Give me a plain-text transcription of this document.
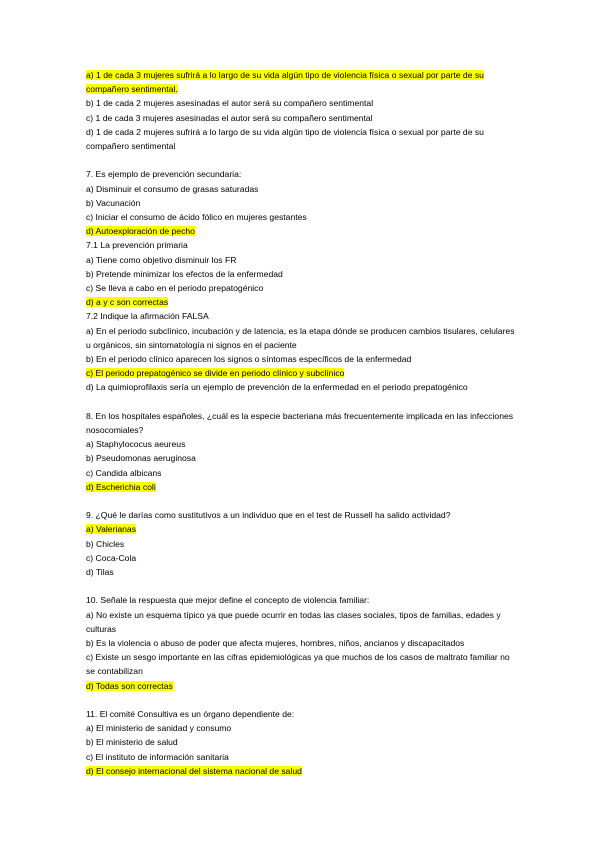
a) 1 de cada 3 mujeres sufrirá a lo largo de su vida algún tipo de violencia física o sexual por parte de su compañero sentimental.

b) 1 de cada 2 mujeres asesinadas el autor será su compañero sentimental

c) 1 de cada 3 mujeres asesinadas el autor será su compañero sentimental

d) 1 de cada 2 mujeres sufrirá a lo largo de su vida algún tipo de violencia física o sexual por parte de su compañero sentimental

7. Es ejemplo de prevención secundaria:

a) Disminuir el consumo de grasas saturadas

b) Vacunación

c) Iniciar el consumo de ácido fólico en mujeres gestantes

d) Autoexploración de pecho

7.1 La prevención primaria

a) Tiene como objetivo disminuir los FR

b) Pretende minimizar los efectos de la enfermedad

c) Se lleva a cabo en el periodo prepatogénico

d) a y c son correctas

7.2 Indique la afirmación FALSA

a) En el periodo subclínico, incubación y de latencia, es la etapa dónde se producen cambios tisulares, celulares u orgánicos, sin sintomatología ni signos en el paciente

b) En el periodo clínico aparecen los signos o síntomas específicos de la enfermedad

c) El periodo prepatogénico se divide en periodo clínico y subclínico

d) La quimioprofilaxis sería un ejemplo de prevención de la enfermedad en el periodo prepatogénico

8. En los hospitales españoles, ¿cuál es la especie bacteriana más frecuentemente implicada en las infecciones nosocomiales?

a) Staphylococus aeureus

b) Pseudomonas aeruginosa

c) Candida albicans

d) Escherichia coli

9. ¿Qué le darías como sustitutivos a un individuo que en el test de Russell ha salido actividad?

a) Valerianas

b) Chicles

c) Coca-Cola

d) Tilas

10. Señale la respuesta que mejor define el concepto de violencia familiar:

a) No existe un esquema típico ya que puede ocurrir en todas las clases sociales, tipos de familias, edades y culturas

b) Es la violencia o abuso de poder que afecta mujeres, hombres, niños, ancianos y discapacitados

c) Existe un sesgo importante en las cifras epidemiológicas ya que muchos de los casos de maltrato familiar no se contabilizan

d) Todas son correctas

11. El comité Consultiva es un órgano dependiente de:

a) El ministerio de sanidad y consumo

b) El ministerio de salud

c) El instituto de información sanitaria

d) El consejo internacional del sistema nacional de salud
